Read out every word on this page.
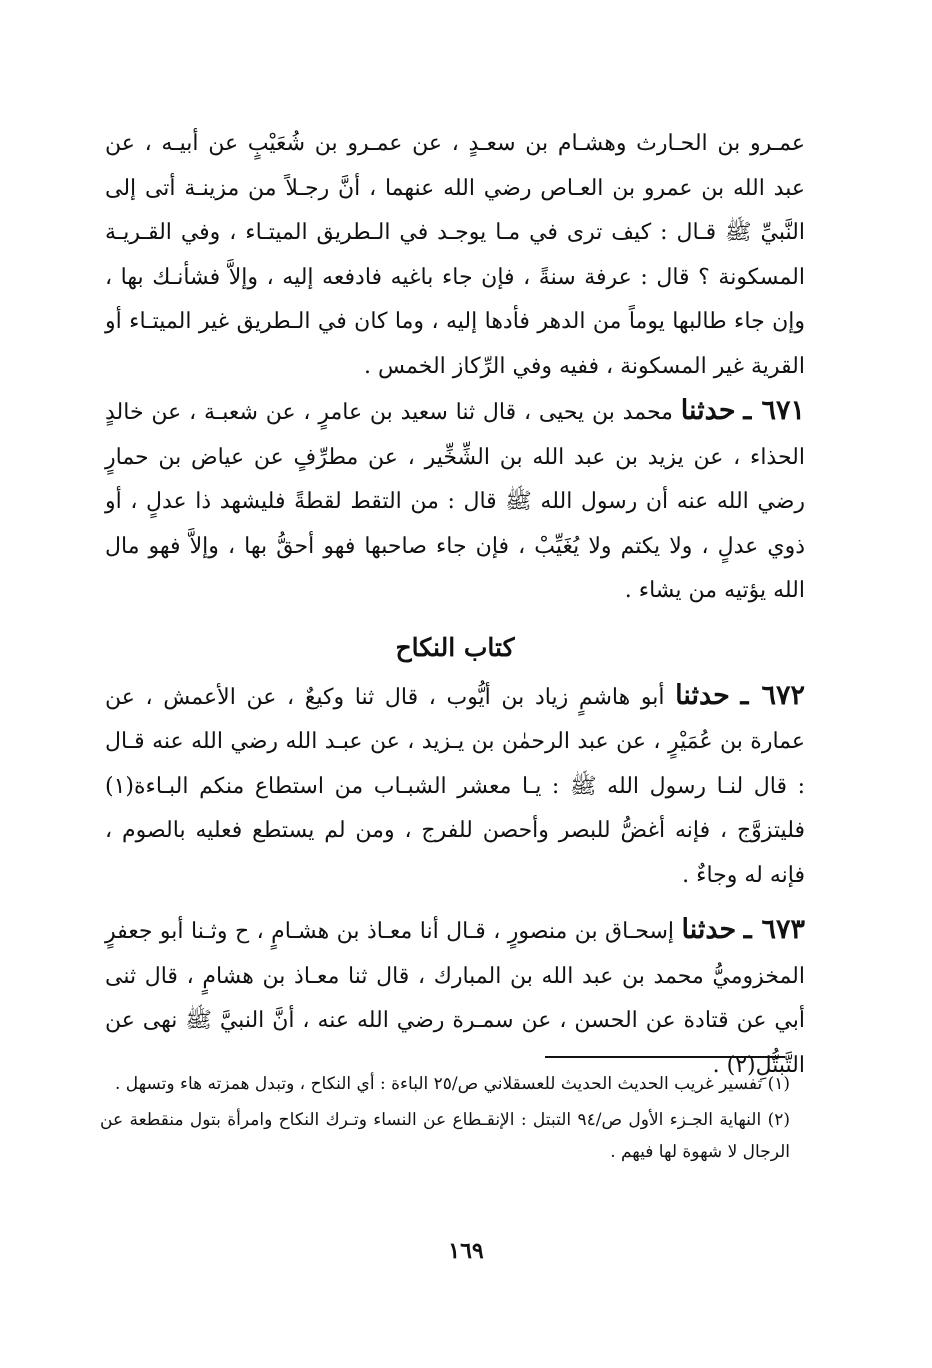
عمـرو بن الحـارث وهشـام بن سعـدٍ ، عن عمـرو بن شُعَيْبٍ عن أبيـه ، عن عبد الله بن عمرو بن العـاص رضي الله عنهما ، أنَّ رجـلاً من مزينـة أتى إلى النَّبيِّ ﷺ قـال : كيف ترى في مـا يوجـد في الـطريق الميتـاء ، وفي القـريـة المسكونة ؟ قال : عرفة سنةً ، فإن جاء باغيه فادفعه إليه ، وإلاَّ فشأنـك بها ، وإن جاء طالبها يوماً من الدهر فأدها إليه ، وما كان في الـطريق غير الميتـاء أو القرية غير المسكونة ، ففيه وفي الرِّكاز الخمس .

٦٧١ ـ حدثنا محمد بن يحيى ، قال ثنا سعيد بن عامرٍ ، عن شعبـة ، عن خالدٍ الحذاء ، عن يزيد بن عبد الله بن الشِّخِّير ، عن مطرِّفٍ عن عياض بن حمارٍ رضي الله عنه أن رسول الله ﷺ قال : من التقط لقطةً فليشهد ذا عدلٍ ، أو ذوي عدلٍ ، ولا يكتم ولا يُغَيِّبْ ، فإن جاء صاحبها فهو أحقُّ بها ، وإلاَّ فهو مال الله يؤتيه من يشاء .

كتاب النكاح

٦٧٢ ـ حدثنا أبو هاشمٍ زياد بن أيُّوب ، قال ثنا وكيعٌ ، عن الأعمش ، عن عمارة بن عُمَيْرٍ ، عن عبد الرحمٰن بن يـزيد ، عن عبـد الله رضي الله عنه قـال : قال لنـا رسول الله ﷺ : يـا معشر الشبـاب من استطاع منكم البـاءة(١) فليتزوَّج ، فإنه أغضُّ للبصر وأحصن للفرج ، ومن لم يستطع فعليه بالصوم ، فإنه له وجاءٌ .

٦٧٣ ـ حدثنا إسحـاق بن منصورٍ ، قـال أنا معـاذ بن هشـامٍ ، ح وثـنا أبو جعفرٍ المخزوميُّ محمد بن عبد الله بن المبارك ، قال ثنا معـاذ بن هشامٍ ، قال ثنى أبي عن قتادة عن الحسن ، عن سمـرة رضي الله عنه ، أنَّ النبيَّ ﷺ نهى عن التَّبتُّلِ(٢) .

(١) تفسير غريب الحديث الحديث للعسقلاني ص/٢٥ الباءة : أي النكاح ، وتبدل همزته هاء وتسهل .

(٢) النهاية الجـزء الأول ص/٩٤ التبتل : الإنقـطاع عن النساء وتـرك النكاح وامرأة بتول منقطعة عن الرجال لا شهوة لها فيهم .

١٦٩
